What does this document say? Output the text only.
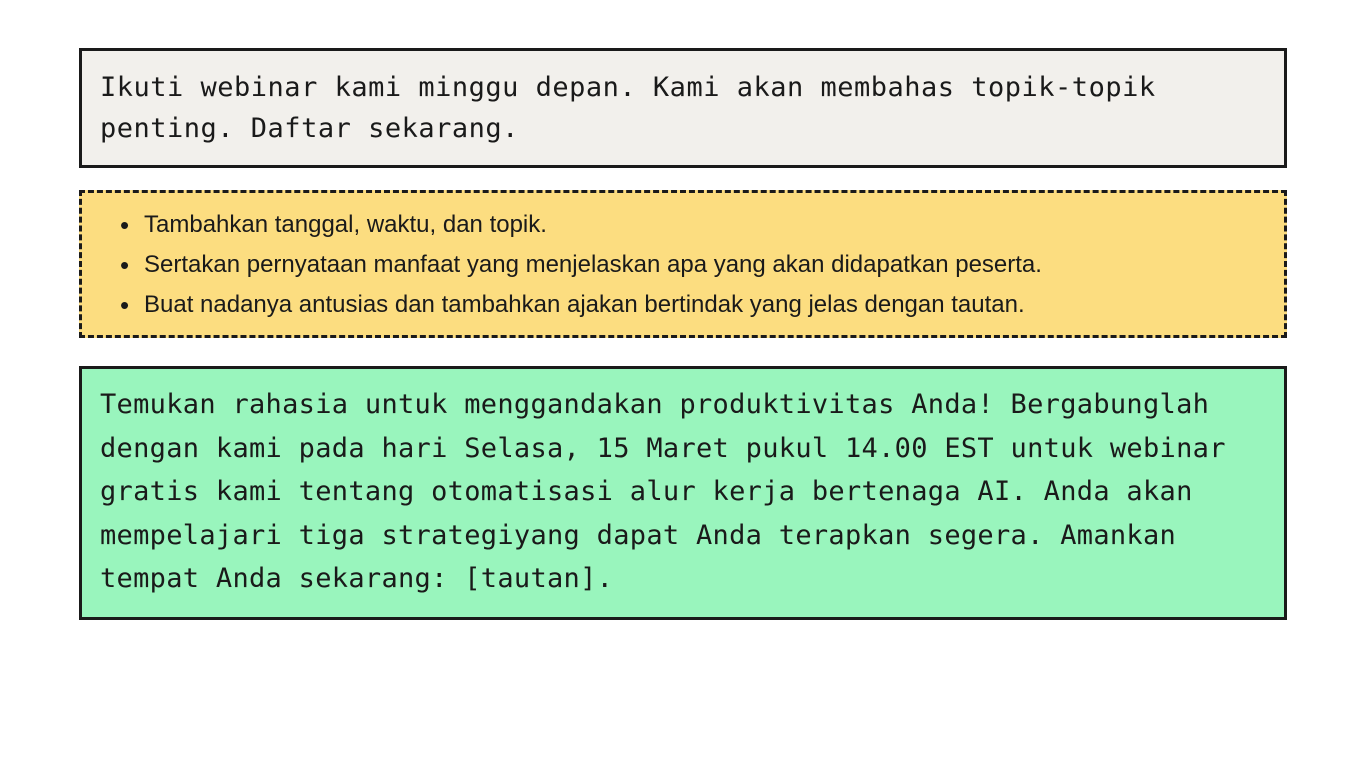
Ikuti webinar kami minggu depan. Kami akan membahas topik-topik penting. Daftar sekarang.
• Tambahkan tanggal, waktu, dan topik.
• Sertakan pernyataan manfaat yang menjelaskan apa yang akan didapatkan peserta.
• Buat nadanya antusias dan tambahkan ajakan bertindak yang jelas dengan tautan.
Temukan rahasia untuk menggandakan produktivitas Anda! Bergabunglah dengan kami pada hari Selasa, 15 Maret pukul 14.00 EST untuk webinar gratis kami tentang otomatisasi alur kerja bertenaga AI. Anda akan mempelajari tiga strategiyang dapat Anda terapkan segera. Amankan tempat Anda sekarang: [tautan].
